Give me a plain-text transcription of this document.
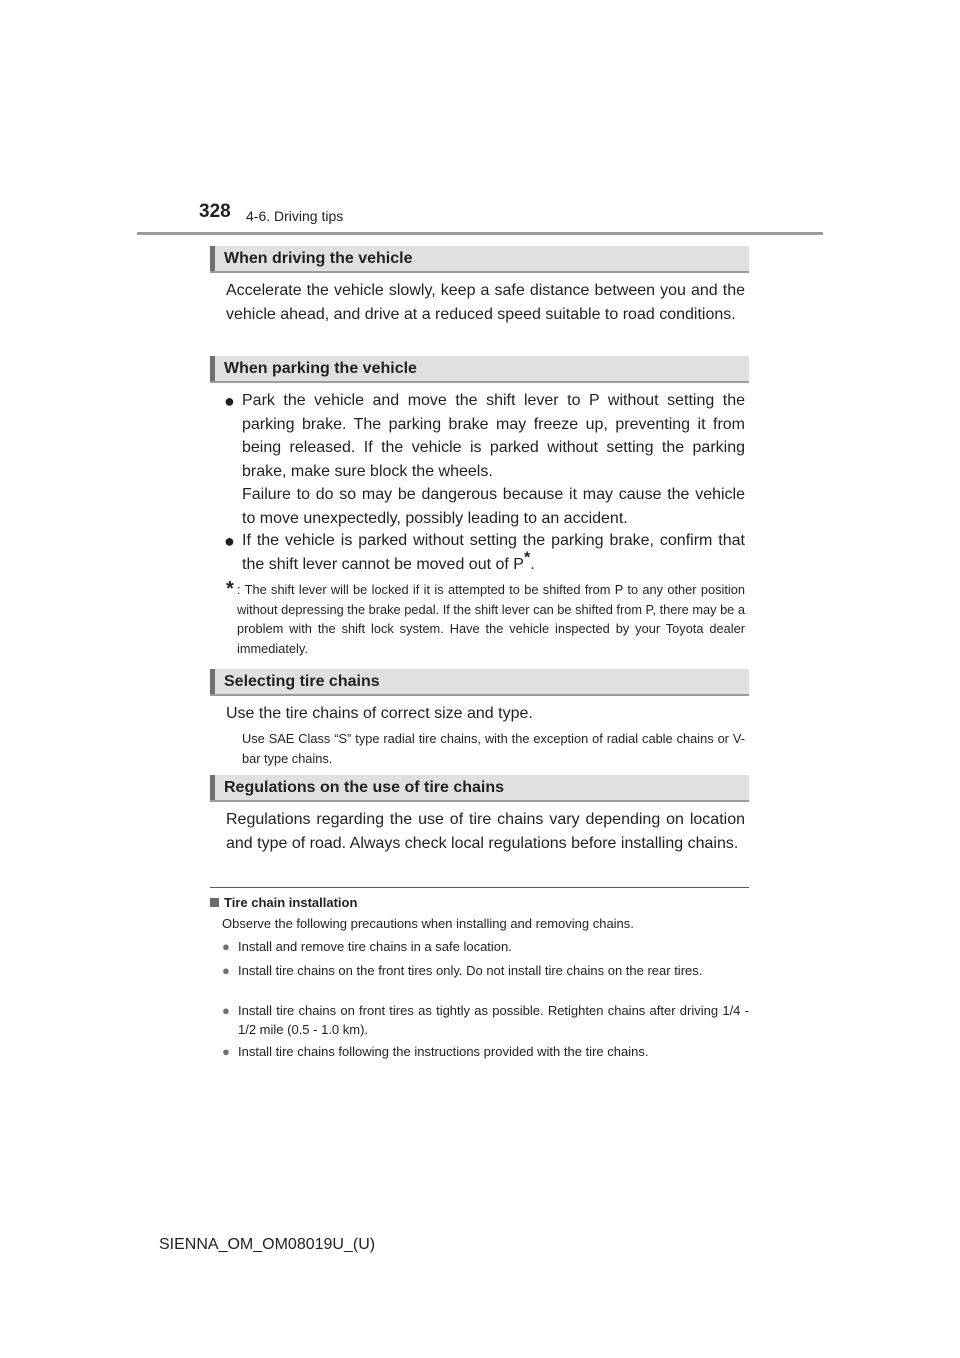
328 4-6. Driving tips
When driving the vehicle
Accelerate the vehicle slowly, keep a safe distance between you and the vehicle ahead, and drive at a reduced speed suitable to road conditions.
When parking the vehicle
● Park the vehicle and move the shift lever to P without setting the parking brake. The parking brake may freeze up, preventing it from being released. If the vehicle is parked without setting the parking brake, make sure block the wheels.
Failure to do so may be dangerous because it may cause the vehicle to move unexpectedly, possibly leading to an accident.
● If the vehicle is parked without setting the parking brake, confirm that the shift lever cannot be moved out of P*.
* : The shift lever will be locked if it is attempted to be shifted from P to any other position without depressing the brake pedal. If the shift lever can be shifted from P, there may be a problem with the shift lock system. Have the vehicle inspected by your Toyota dealer immediately.
Selecting tire chains
Use the tire chains of correct size and type.
Use SAE Class “S” type radial tire chains, with the exception of radial cable chains or V-bar type chains.
Regulations on the use of tire chains
Regulations regarding the use of tire chains vary depending on location and type of road. Always check local regulations before installing chains.
Tire chain installation
Observe the following precautions when installing and removing chains.
● Install and remove tire chains in a safe location.
● Install tire chains on the front tires only. Do not install tire chains on the rear tires.
● Install tire chains on front tires as tightly as possible. Retighten chains after driving 1/4 - 1/2 mile (0.5 - 1.0 km).
● Install tire chains following the instructions provided with the tire chains.
SIENNA_OM_OM08019U_(U)
